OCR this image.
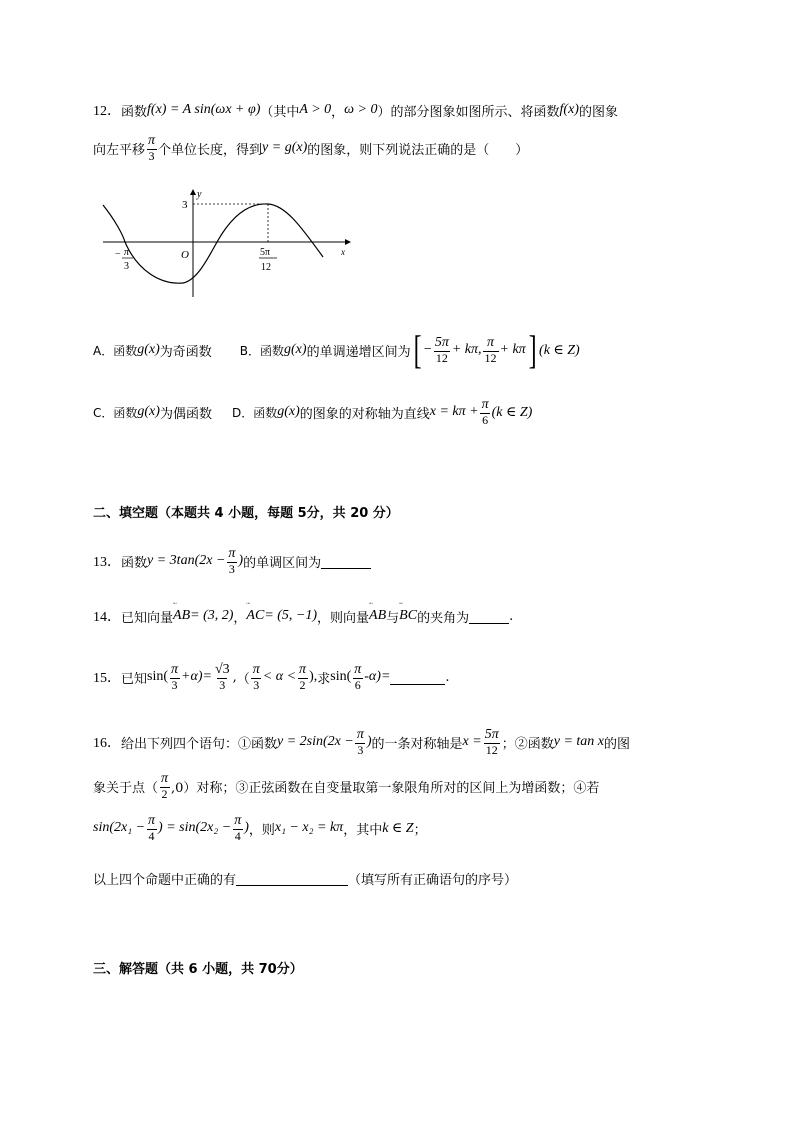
12． 函数 f(x) = A sin(ωx + φ) （其中 A > 0 ， ω > 0 ）的部分图象如图所示、将函数 f(x) 的图象
向左平移 $\frac{\pi}{3}$ 个单位长度，得到 y = g(x) 的图象，则下列说法正确的是（　　）
y
x
3
O
− π
3
5π
12
A．函数 g(x) 为奇函数 B．函数 g(x) 的单调递增区间为 [ − $\frac{5\pi}{12} + k\pi$, $\frac{\pi}{12} + k\pi$ ] (k ∈ Z)
C．函数 g(x) 为偶函数 D．函数 g(x) 的图象的对称轴为直线 $x = k\pi + \frac{\pi}{6} (k$ ∈ Z)
二、填空题（本题共 4 小题，每题 5分，共 20 分）
13． 函数 $y = 3\tan(2x - \frac{\pi}{3}$ ) 的单调区间为
14． 已知向量 ᵕᵕ AB = (3, 2) ， ᵕᵕ AC = (5, −1) ，则向量 ᵕᵕ AB 与 ᵕᵕ BC 的夹角为	.
15． 已知 $\sin( \frac{\pi}{3} +\alpha)= \frac{√3}{3}$ , （ $\frac{\pi}{3} < \alpha < \frac{\pi}{2}$ ), 求 $\sin( \frac{\pi}{6} -\alpha)=$	.
16． 给出下列四个语句：①函数 $y = 2\sin(2x - \frac{\pi}{3}$ ) 的一条对称轴是 $x = \frac{5\pi}{12}$ ；②函数 y = tan x 的图
象关于点（ $\frac{\pi}{2} ,0$）对称；③正弦函数在自变量取第一象限角所对的区间上为增函数；④若
$\sin(2x_1 - \frac{\pi}{4}$ ) = $\sin(2x_2 - \frac{\pi}{4}$ ) ，则 x₁ − x₂ = kπ ，其中 k ∈ Z ；
以上四个命题中正确的有	（填写所有正确语句的序号）
三、解答题（共 6 小题，共 70分）
